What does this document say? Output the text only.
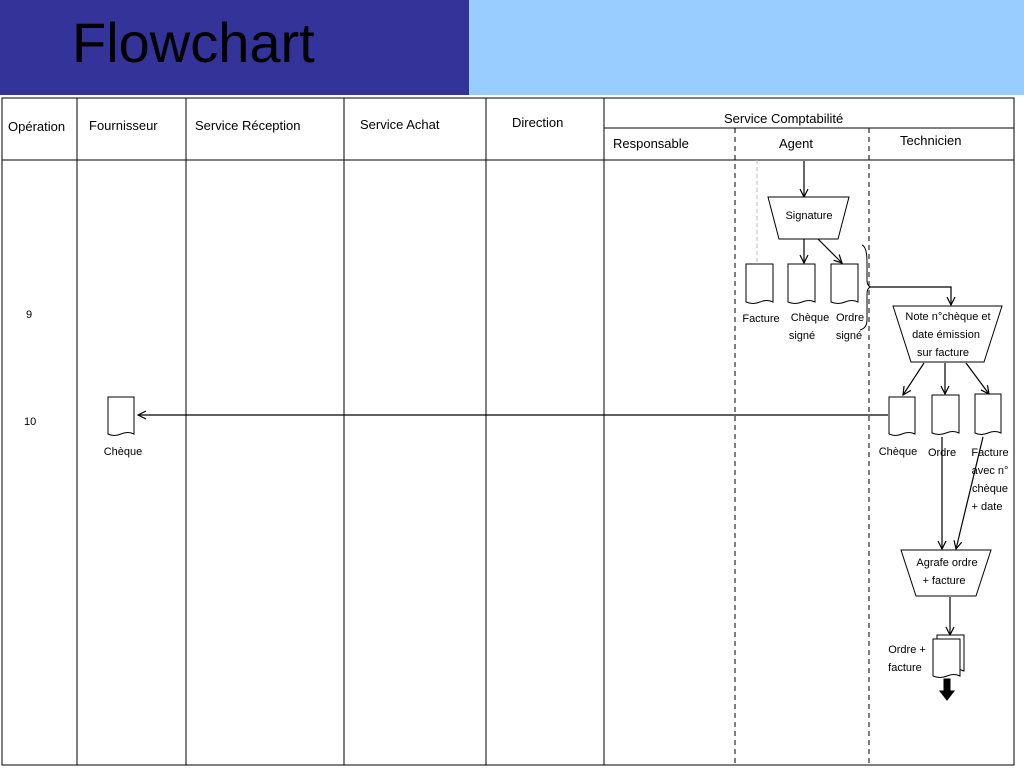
Flowchart
Opération Fournisseur	Service Réception	Service Achat	Direction	Service Comptabilité
Responsable	Agent	Technicien
9
10
Signature
Facture Chèque
signé
Ordre
signé
Note n°chèque et
date émission
sur facture
Chèque Ordre Facture
avec n°
chèque
+ date
Chèque
Agrafe ordre
+ facture
Ordre +
facture
